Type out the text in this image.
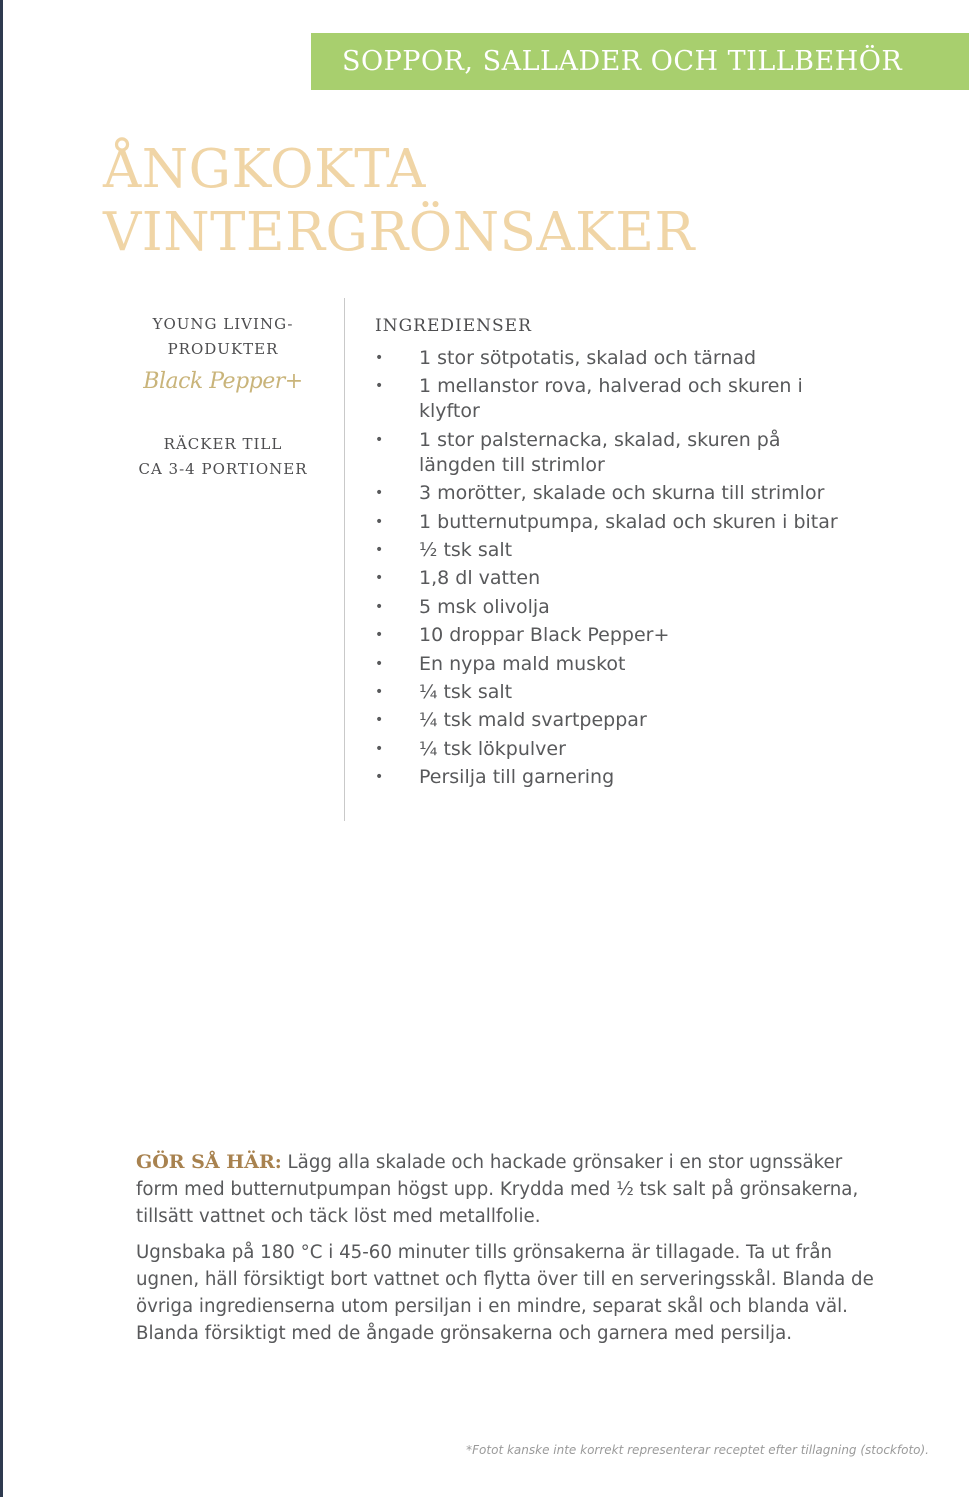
SOPPOR, SALLADER OCH TILLBEHÖR
ÅNGKOKTA
VINTERGRÖNSAKER
YOUNG LIVING-
PRODUKTER
Black Pepper+
RÄCKER TILL
CA 3-4 PORTIONER
INGREDIENSER
• 1 stor sötpotatis, skalad och tärnad
• 1 mellanstor rova, halverad och skuren i klyftor
• 1 stor palsternacka, skalad, skuren på längden till strimlor
• 3 morötter, skalade och skurna till strimlor
• 1 butternutpumpa, skalad och skuren i bitar
• ½ tsk salt
• 1,8 dl vatten
• 5 msk olivolja
• 10 droppar Black Pepper+
• En nypa mald muskot
• ¼ tsk salt
• ¼ tsk mald svartpeppar
• ¼ tsk lökpulver
• Persilja till garnering

GÖR SÅ HÄR: Lägg alla skalade och hackade grönsaker i en stor ugnssäker form med butternutpumpan högst upp. Krydda med ½ tsk salt på grönsakerna, tillsätt vattnet och täck löst med metallfolie.

Ugnsbaka på 180 °C i 45-60 minuter tills grönsakerna är tillagade. Ta ut från ugnen, häll försiktigt bort vattnet och flytta över till en serveringsskål. Blanda de övriga ingredienserna utom persiljan i en mindre, separat skål och blanda väl. Blanda försiktigt med de ångade grönsakerna och garnera med persilja.

*Fotot kanske inte korrekt representerar receptet efter tillagning (stockfoto).
